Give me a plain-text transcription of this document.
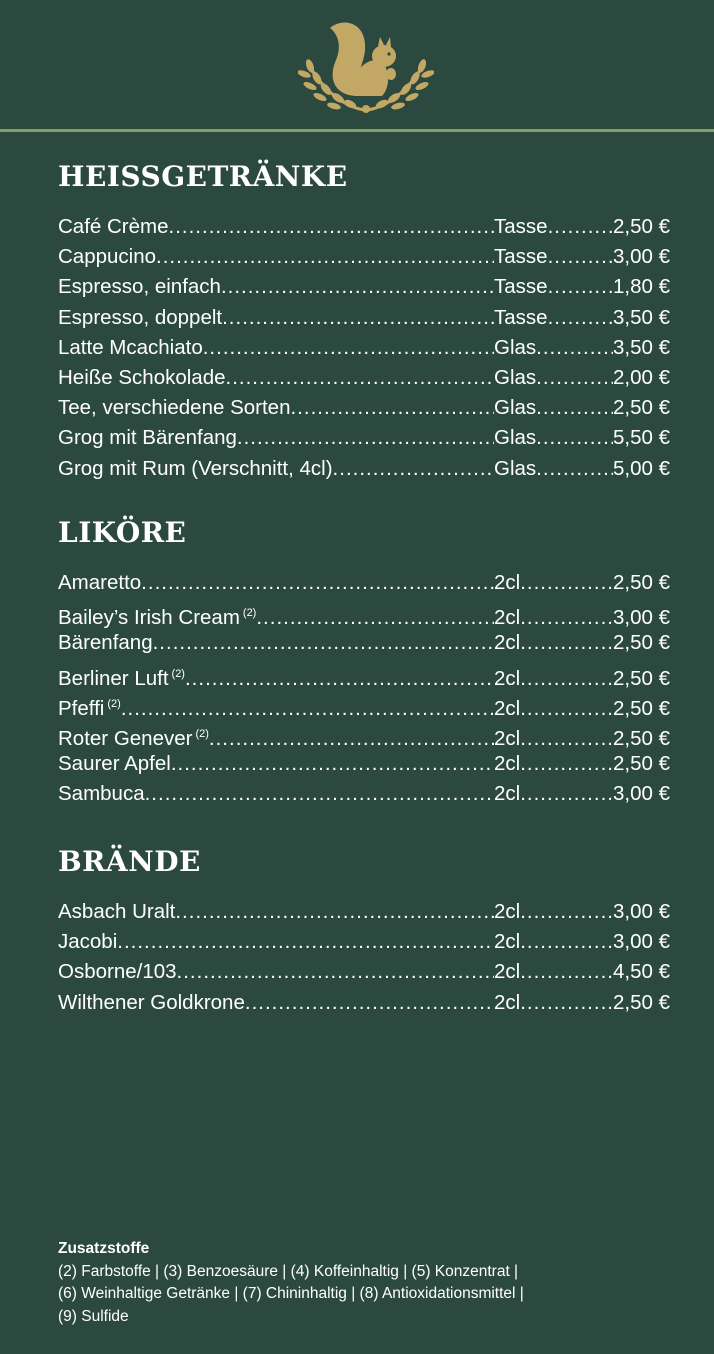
HEISSGETRÄNKE
Café Crème .....	Tasse .....	2,50 €
Cappucino .....	Tasse .....	3,00 €
Espresso, einfach .....	Tasse .....	1,80 €
Espresso, doppelt .....	Tasse .....	3,50 €
Latte Mcachiato .....	Glas .....	3,50 €
Heiße Schokolade .....	Glas .....	2,00 €
Tee, verschiedene Sorten .....	Glas .....	2,50 €
Grog mit Bärenfang .....	Glas .....	5,50 €
Grog mit Rum (Verschnitt, 4cl) .....	Glas .....	5,00 €
LIKÖRE
Amaretto .....	2cl .....	2,50 €
Bailey’s Irish Cream $^{(2)}$ .....	2cl .....	3,00 €
Bärenfang .....	2cl .....	2,50 €
Berliner Luft $^{(2)}$ .....	2cl .....	2,50 €
Pfeffi $^{(2)}$ .....	2cl .....	2,50 €
Roter Genever $^{(2)}$ .....	2cl .....	2,50 €
Saurer Apfel .....	2cl .....	2,50 €
Sambuca .....	2cl .....	3,00 €
BRÄNDE
Asbach Uralt .....	2cl .....	3,00 €
Jacobi .....	2cl .....	3,00 €
Osborne/103 .....	2cl .....	4,50 €
Wilthener Goldkrone .....	2cl .....	2,50 €
Zusatzstoffe
(2) Farbstoffe | (3) Benzoesäure | (4) Koffeinhaltig | (5) Konzentrat |
(6) Weinhaltige Getränke | (7) Chininhaltig | (8) Antioxidationsmittel |
(9) Sulfide
